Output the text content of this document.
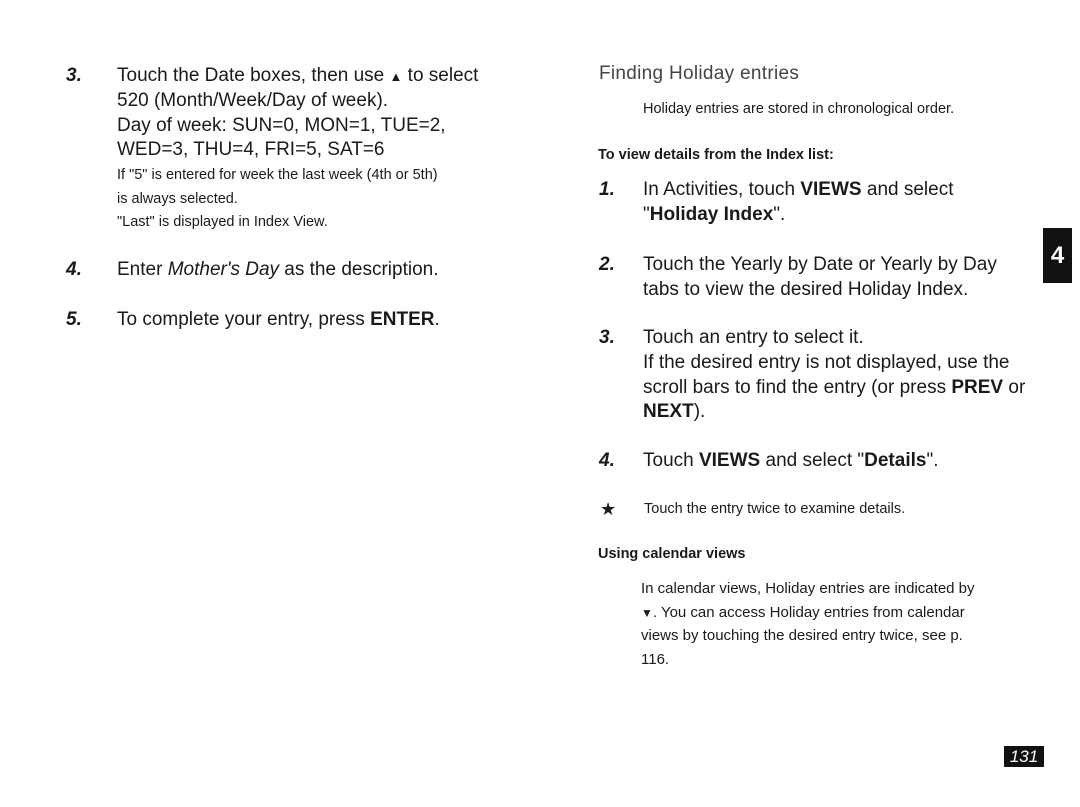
3. Touch the Date boxes, then use ▲︎ to select
520 (Month/Week/Day of week).
Day of week: SUN=0, MON=1, TUE=2,
WED=3, THU=4, FRI=5, SAT=6
If "5" is entered for week the last week (4th or 5th)
is always selected.
"Last" is displayed in Index View.
4. Enter Mother's Day as the description.
5. To complete your entry, press ENTER.
Finding Holiday entries
Holiday entries are stored in chronological order.
To view details from the Index list:
1. In Activities, touch VIEWS and select
"Holiday Index".
2. Touch the Yearly by Date or Yearly by Day
tabs to view the desired Holiday Index.
3. Touch an entry to select it.
If the desired entry is not displayed, use the
scroll bars to find the entry (or press PREV or
NEXT).
4. Touch VIEWS and select "Details".
★ Touch the entry twice to examine details.
Using calendar views
In calendar views, Holiday entries are indicated by
▼. You can access Holiday entries from calendar
views by touching the desired entry twice, see p.
116.
4
131
